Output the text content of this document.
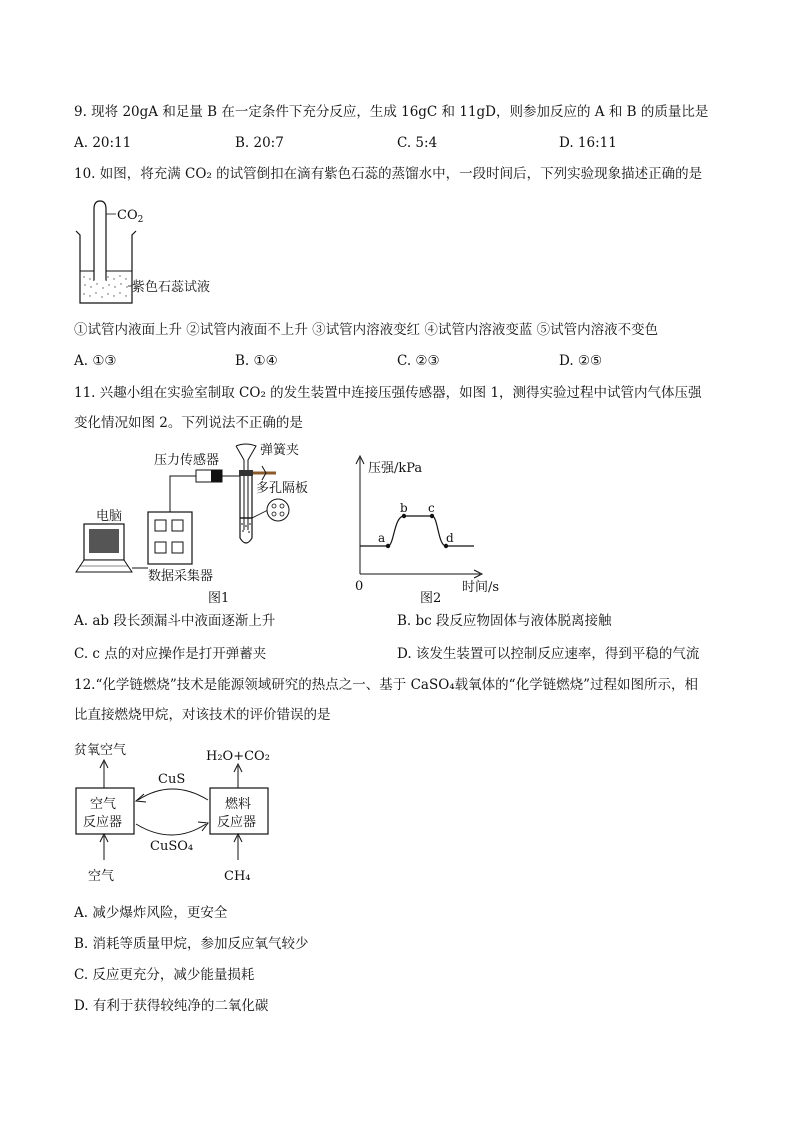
9. 现将 20gA 和足量 B 在一定条件下充分反应，生成 16gC 和 11gD，则参加反应的 A 和 B 的质量比是
A. 20:11	B. 20:7	C. 5:4	D. 16:11
10. 如图，将充满 CO₂ 的试管倒扣在滴有紫色石蕊的蒸馏水中，一段时间后，下列实验现象描述正确的是
$CO_2$
紫色石蕊试液
①试管内液面上升 ②试管内液面不上升 ③试管内溶液变红 ④试管内溶液变蓝 ⑤试管内溶液不变色
A. ①③	B. ①④	C. ②③	D. ②⑤
11. 兴趣小组在实验室制取 CO₂ 的发生装置中连接压强传感器，如图 1，测得实验过程中试管内气体压强
变化情况如图 2。下列说法不正确的是
电脑
数据采集器
压力传感器
弹簧夹
多孔隔板
图1
压强/kPa
时间/s
0
a
b c
d
图2
A. ab 段长颈漏斗中液面逐渐上升	B. bc 段反应物固体与液体脱离接触
C. c 点的对应操作是打开弹蓄夹	D. 该发生装置可以控制反应速率，得到平稳的气流
12.“化学链燃烧”技术是能源领域研究的热点之一、基于 CaSO₄载氧体的“化学链燃烧”过程如图所示，相
比直接燃烧甲烷，对该技术的评价错误的是
贫氧空气	H₂O+CO₂
空气
反应器
燃料
反应器
CuS
CuSO₄
空气	CH₄
A. 减少爆炸风险，更安全
B. 消耗等质量甲烷，参加反应氧气较少
C. 反应更充分，减少能量损耗
D. 有利于获得较纯净的二氧化碳
